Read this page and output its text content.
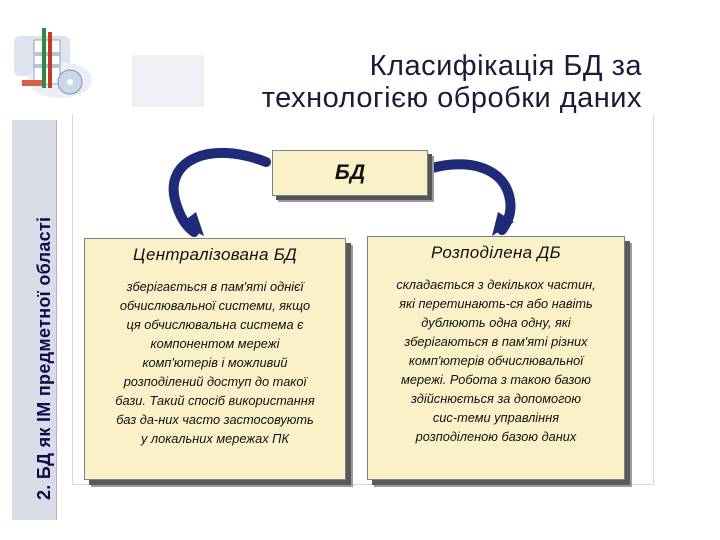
2. БД як ІМ предметної області
Класифікація БД за
технологією обробки даних
БД
Централізована БД
зберігається в пам'яті однієї
обчислювальної системи, якщо
ця обчислювальна система є
компонентом мережі
комп'ютерів і можливий
розподілений доступ до такої
бази. Такий спосіб використання
баз да-них часто застосовують
у локальних мережах ПК
Розподілена ДБ
складається з декількох частин,
які перетинають-ся або навіть
дублюють одна одну, які
зберігаються в пам'яті різних
комп'ютерів обчислювальної
мережі. Робота з такою базою
здійснюється за допомогою
сис-теми управління
розподіленою базою даних
